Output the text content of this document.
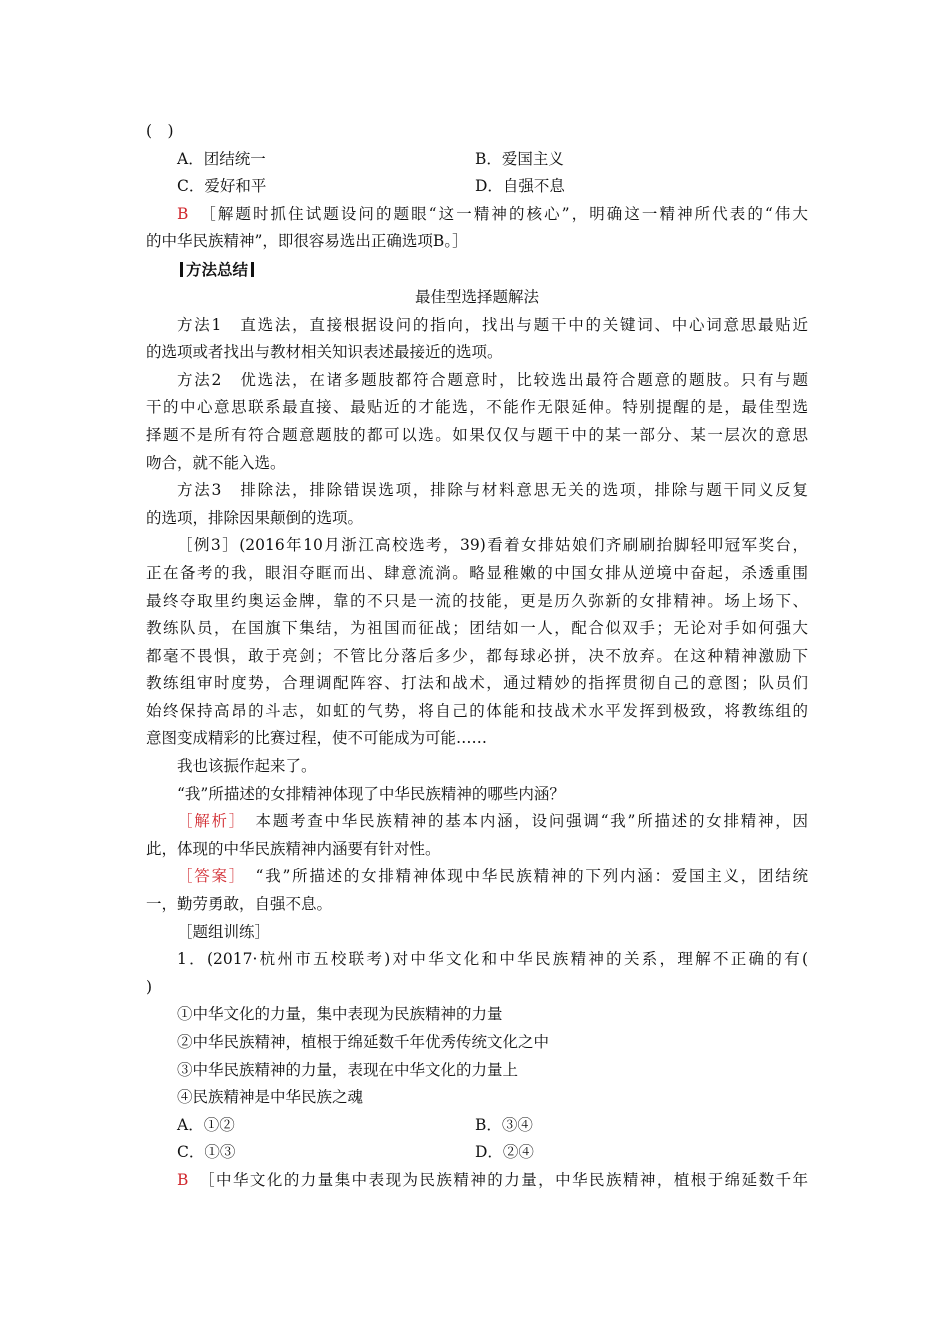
(　)
A．团结统一	B．爱国主义
C．爱好和平	D．自强不息
B　 ［解题时抓住试题设问的题眼“这一精神的核心”，明确这一精神所代表的“伟大
的中华民族精神”，即很容易选出正确选项B。］
方法总结
最佳型选择题解法
方法1　直选法，直接根据设问的指向，找出与题干中的关键词、中心词意思最贴近
的选项或者找出与教材相关知识表述最接近的选项。
方法2　优选法，在诸多题肢都符合题意时，比较选出最符合题意的题肢。只有与题
干的中心意思联系最直接、最贴近的才能选，不能作无限延伸。特别提醒的是，最佳型选
择题不是所有符合题意题肢的都可以选。如果仅仅与题干中的某一部分、某一层次的意思
吻合，就不能入选。
方法3　排除法，排除错误选项，排除与材料意思无关的选项，排除与题干同义反复
的选项，排除因果颠倒的选项。
［例3］(2016年10月浙江高校选考，39)看着女排姑娘们齐刷刷抬脚轻叩冠军奖台，
正在备考的我，眼泪夺眶而出、肆意流淌。略显稚嫩的中国女排从逆境中奋起，杀透重围
最终夺取里约奥运金牌，靠的不只是一流的技能，更是历久弥新的女排精神。场上场下、
教练队员，在国旗下集结，为祖国而征战；团结如一人，配合似双手；无论对手如何强大
都毫不畏惧，敢于亮剑；不管比分落后多少，都每球必拼，决不放弃。在这种精神激励下
教练组审时度势，合理调配阵容、打法和战术，通过精妙的指挥贯彻自己的意图；队员们
始终保持高昂的斗志，如虹的气势，将自己的体能和技战术水平发挥到极致，将教练组的
意图变成精彩的比赛过程，使不可能成为可能……
我也该振作起来了。
“我”所描述的女排精神体现了中华民族精神的哪些内涵？
［解析］　本题考查中华民族精神的基本内涵，设问强调“我”所描述的女排精神，因
此，体现的中华民族精神内涵要有针对性。
［答案］　“我”所描述的女排精神体现中华民族精神的下列内涵：爱国主义，团结统
一，勤劳勇敢，自强不息。
［题组训练］
1．(2017·杭州市五校联考)对中华文化和中华民族精神的关系，理解不正确的有(
)
①中华文化的力量，集中表现为民族精神的力量
②中华民族精神，植根于绵延数千年优秀传统文化之中
③中华民族精神的力量，表现在中华文化的力量上
④民族精神是中华民族之魂
A．①②	B．③④
C．①③	D．②④
B　 ［中华文化的力量集中表现为民族精神的力量，中华民族精神，植根于绵延数千年
